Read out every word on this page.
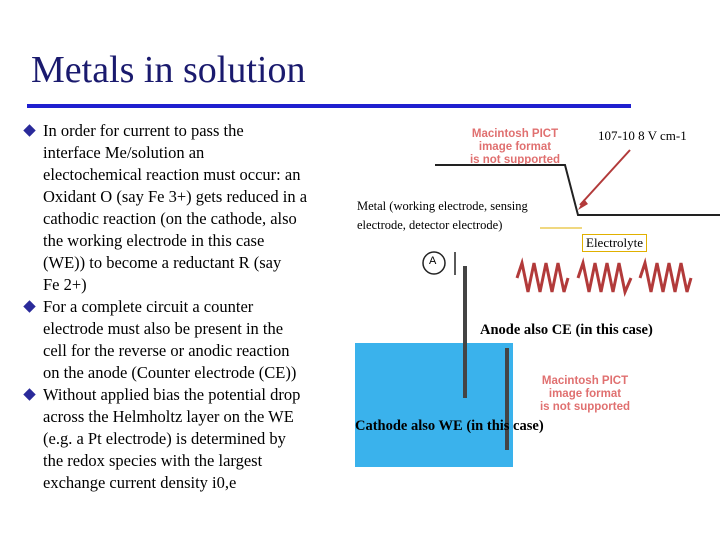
Metals in solution
In order for current to pass the
interface Me/solution an
electochemical reaction must occur: an
Oxidant O (say Fe 3+) gets reduced in a
cathodic reaction (on the cathode, also
the working electrode in this case
(WE)) to become a reductant R (say
Fe 2+)
For a complete circuit a counter
electrode must also be present in the
cell for the reverse or anodic reaction
on the anode (Counter electrode (CE))
Without applied bias the potential drop
across the Helmholtz layer on the WE
(e.g. a Pt electrode) is determined by
the redox species with the largest
exchange current density i0,e
Macintosh PICT
image format
is not supported
107-10 8 V cm-1
Metal (working electrode, sensing
electrode, detector electrode)
Electrolyte
A
Anode also CE (in this case)
Macintosh PICT
image format
is not supported
Cathode also WE (in this case)
